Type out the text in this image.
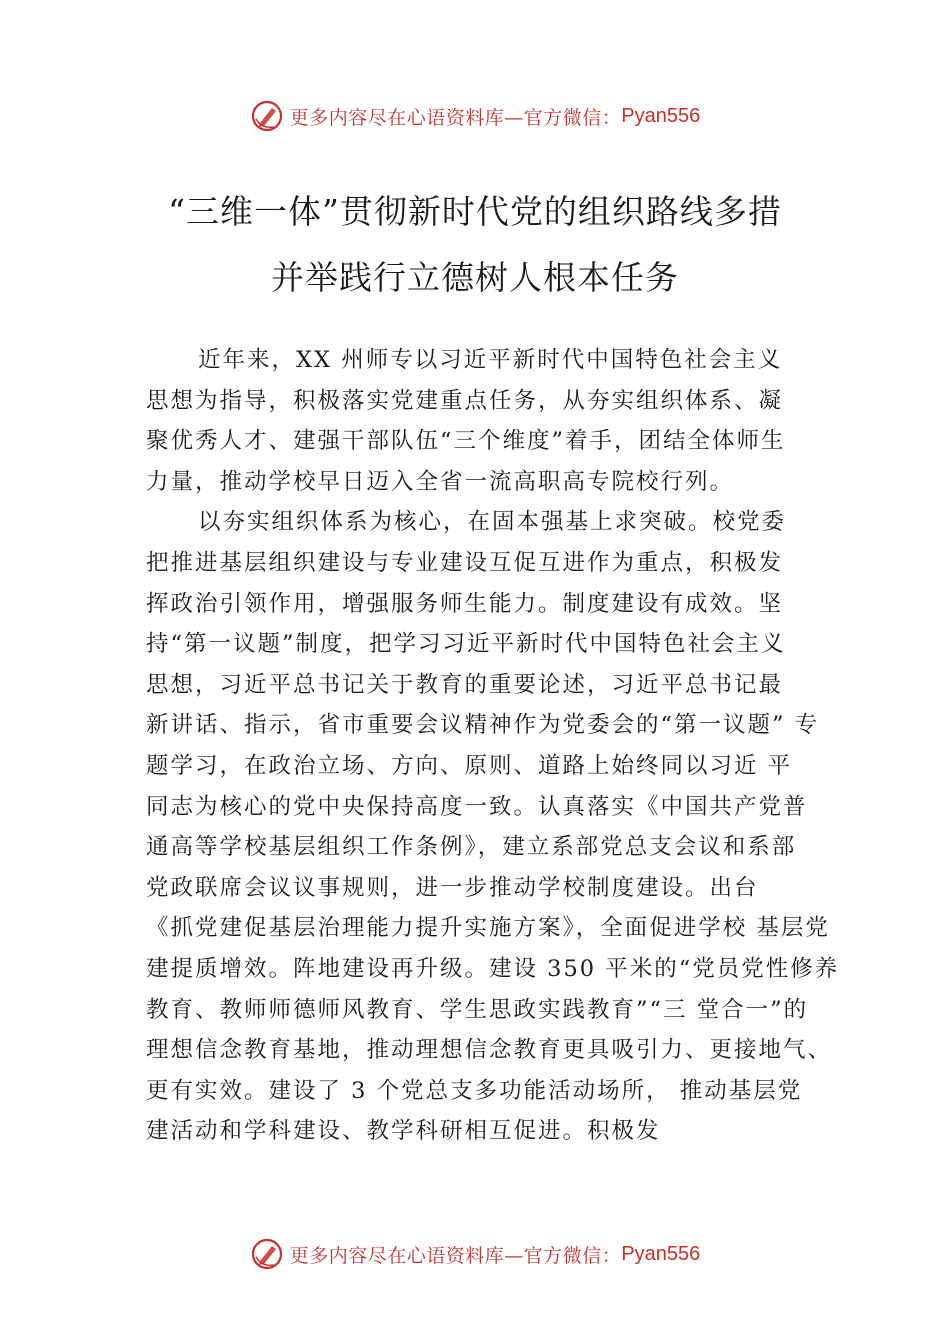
更多内容尽在心语资料库—官方微信： Pyan556
“三维一体”贯彻新时代党的组织路线多措
并举践行立德树人根本任务
近年来，XX 州师专以习近平新时代中国特色社会主义
思想为指导，积极落实党建重点任务，从夯实组织体系、凝
聚优秀人才、建强干部队伍“三个维度”着手，团结全体师生
力量，推动学校早日迈入全省一流高职高专院校行列。
以夯实组织体系为核心，在固本强基上求突破。校党委
把推进基层组织建设与专业建设互促互进作为重点，积极发
挥政治引领作用，增强服务师生能力。制度建设有成效。坚
持“第一议题”制度，把学习习近平新时代中国特色社会主义
思想，习近平总书记关于教育的重要论述，习近平总书记最
新讲话、指示，省市重要会议精神作为党委会的“第一议题” 专
题学习，在政治立场、方向、原则、道路上始终同以习近 平
同志为核心的党中央保持高度一致。认真落实《中国共产党普
通高等学校基层组织工作条例》，建立系部党总支会议和系部
党政联席会议议事规则，进一步推动学校制度建设。出台
《抓党建促基层治理能力提升实施方案》，全面促进学校 基层党
建提质增效。阵地建设再升级。建设 350 平米的“党员党性修养
教育、教师师德师风教育、学生思政实践教育”“三 堂合一”的
理想信念教育基地，推动理想信念教育更具吸引力、更接地气、
更有实效。建设了 3 个党总支多功能活动场所， 推动基层党
建活动和学科建设、教学科研相互促进。积极发
更多内容尽在心语资料库—官方微信： Pyan556
